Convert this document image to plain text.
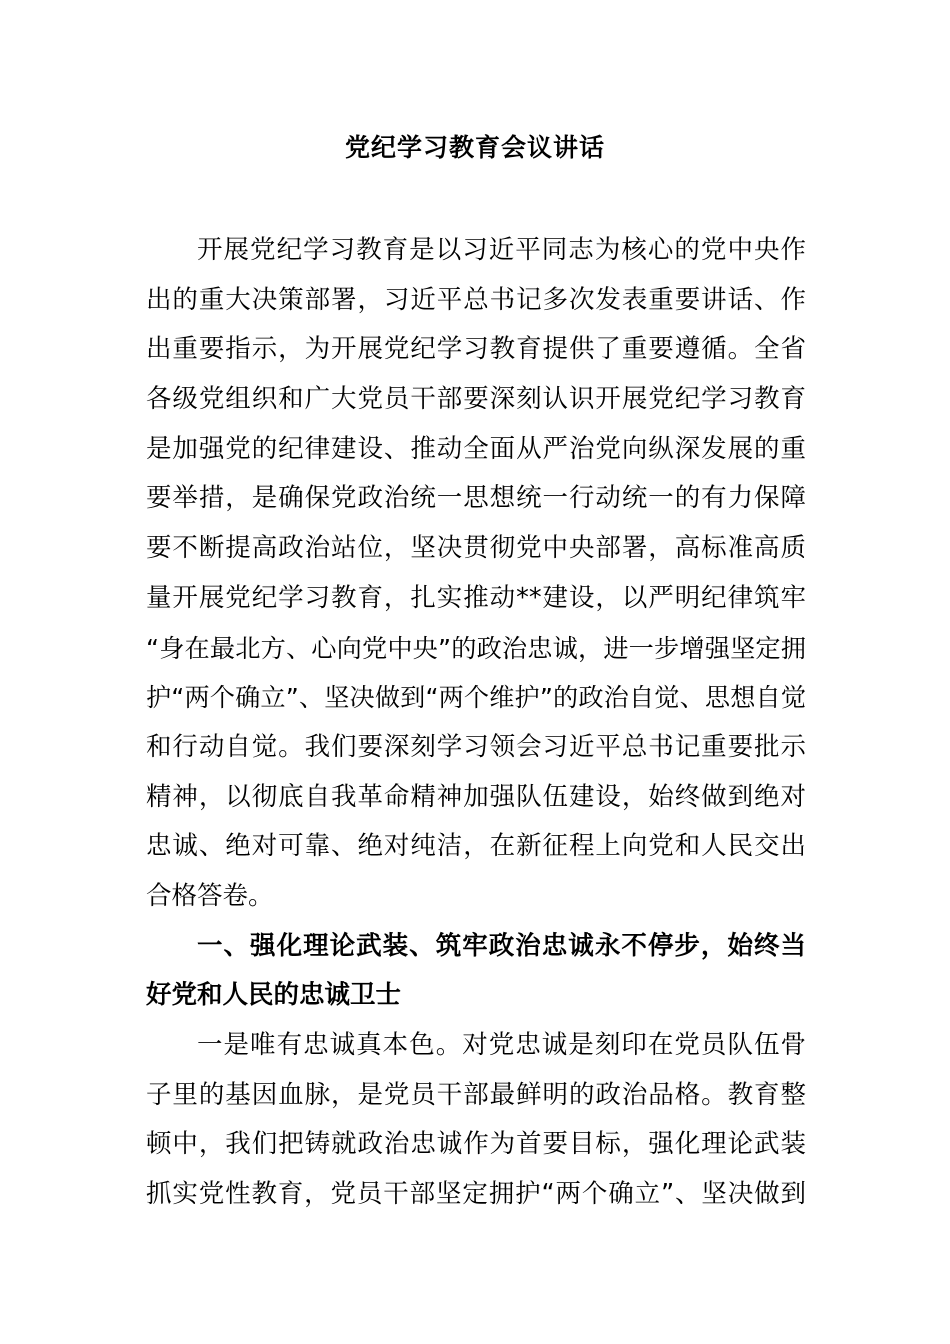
党纪学习教育会议讲话
开展党纪学习教育是以习近平同志为核心的党中央作
出的重大决策部署，习近平总书记多次发表重要讲话、作
出重要指示，为开展党纪学习教育提供了重要遵循。全省
各级党组织和广大党员干部要深刻认识开展党纪学习教育
是加强党的纪律建设、推动全面从严治党向纵深发展的重
要举措，是确保党政治统一思想统一行动统一的有力保障
要不断提高政治站位，坚决贯彻党中央部署，高标准高质
量开展党纪学习教育，扎实推动**建设，以严明纪律筑牢
“身在最北方、心向党中央”的政治忠诚，进一步增强坚定拥
护“两个确立”、坚决做到“两个维护”的政治自觉、思想自觉
和行动自觉。我们要深刻学习领会习近平总书记重要批示
精神，以彻底自我革命精神加强队伍建设，始终做到绝对
忠诚、绝对可靠、绝对纯洁，在新征程上向党和人民交出
合格答卷。
一、强化理论武装、筑牢政治忠诚永不停步，始终当
好党和人民的忠诚卫士
一是唯有忠诚真本色。对党忠诚是刻印在党员队伍骨
子里的基因血脉，是党员干部最鲜明的政治品格。教育整
顿中，我们把铸就政治忠诚作为首要目标，强化理论武装
抓实党性教育，党员干部坚定拥护“两个确立”、坚决做到
